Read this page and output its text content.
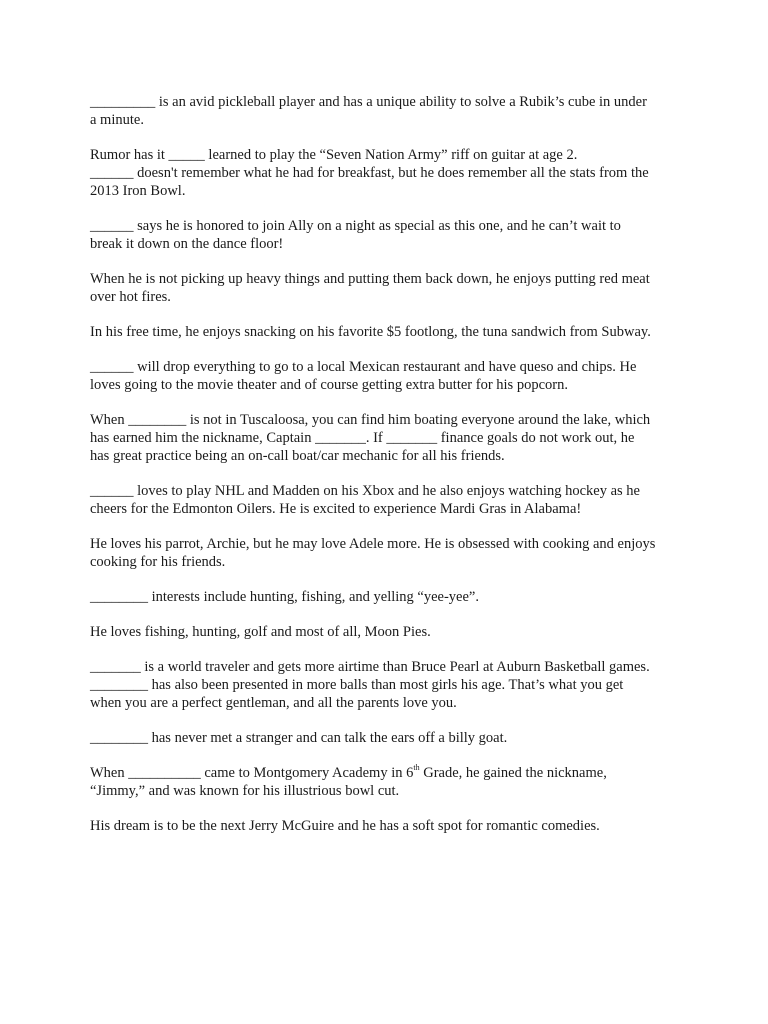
_________ is an avid pickleball player and has a unique ability to solve a Rubik’s cube in under
a minute.

Rumor has it _____ learned to play the “Seven Nation Army” riff on guitar at age 2.
______ doesn't remember what he had for breakfast, but he does remember all the stats from the
2013 Iron Bowl.

______ says he is honored to join Ally on a night as special as this one, and he can’t wait to
break it down on the dance floor!

When he is not picking up heavy things and putting them back down, he enjoys putting red meat
over hot fires.

In his free time, he enjoys snacking on his favorite $5 footlong, the tuna sandwich from Subway.

______ will drop everything to go to a local Mexican restaurant and have queso and chips. He
loves going to the movie theater and of course getting extra butter for his popcorn.

When ________ is not in Tuscaloosa, you can find him boating everyone around the lake, which
has earned him the nickname, Captain _______. If _______ finance goals do not work out, he
has great practice being an on-call boat/car mechanic for all his friends.

______ loves to play NHL and Madden on his Xbox and he also enjoys watching hockey as he
cheers for the Edmonton Oilers. He is excited to experience Mardi Gras in Alabama!

He loves his parrot, Archie, but he may love Adele more. He is obsessed with cooking and enjoys
cooking for his friends.

________ interests include hunting, fishing, and yelling “yee-yee”.

He loves fishing, hunting, golf and most of all, Moon Pies.

_______ is a world traveler and gets more airtime than Bruce Pearl at Auburn Basketball games.
________ has also been presented in more balls than most girls his age. That’s what you get
when you are a perfect gentleman, and all the parents love you.

________ has never met a stranger and can talk the ears off a billy goat.

When __________ came to Montgomery Academy in 6th Grade, he gained the nickname,
“Jimmy,” and was known for his illustrious bowl cut.

His dream is to be the next Jerry McGuire and he has a soft spot for romantic comedies.
